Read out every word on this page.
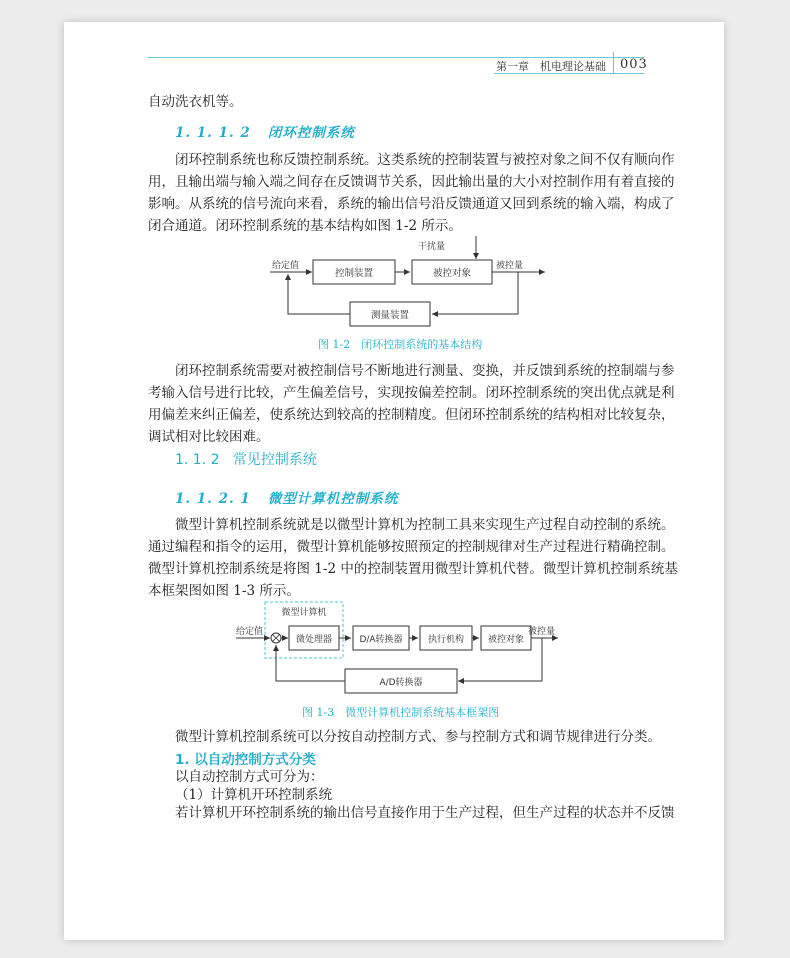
第一章　机电理论基础 003

自动洗衣机等。

1. 1. 1. 2 闭环控制系统

闭环控制系统也称反馈控制系统。这类系统的控制装置与被控对象之间不仅有顺向作

用，且输出端与输入端之间存在反馈调节关系，因此输出量的大小对控制作用有着直接的

影响。从系统的信号流向来看，系统的输出信号沿反馈通道又回到系统的输入端，构成了

闭合通道。闭环控制系统的基本结构如图 1-2 所示。

干扰量
给定值
控制装置	被控对象
被控量
测量装置
图 1-2　闭环控制系统的基本结构

闭环控制系统需要对被控制信号不断地进行测量、变换，并反馈到系统的控制端与参

考输入信号进行比较，产生偏差信号，实现按偏差控制。闭环控制系统的突出优点就是利

用偏差来纠正偏差，使系统达到较高的控制精度。但闭环控制系统的结构相对比较复杂，

调试相对比较困难。

1. 1. 2 常见控制系统
1. 1. 2. 1 微型计算机控制系统

微型计算机控制系统就是以微型计算机为控制工具来实现生产过程自动控制的系统。

通过编程和指令的运用，微型计算机能够按照预定的控制规律对生产过程进行精确控制。

微型计算机控制系统是将图 1-2 中的控制装置用微型计算机代替。微型计算机控制系统基

本框架图如图 1-3 所示。

微型计算机
给定值
微处理器	D/A转换器	执行机构	被控对象
被控量
A/D转换器
图 1-3　微型计算机控制系统基本框架图

微型计算机控制系统可以分按自动控制方式、参与控制方式和调节规律进行分类。

1. 以自动控制方式分类

以自动控制方式可分为：

（1）计算机开环控制系统

若计算机开环控制系统的输出信号直接作用于生产过程，但生产过程的状态并不反馈
